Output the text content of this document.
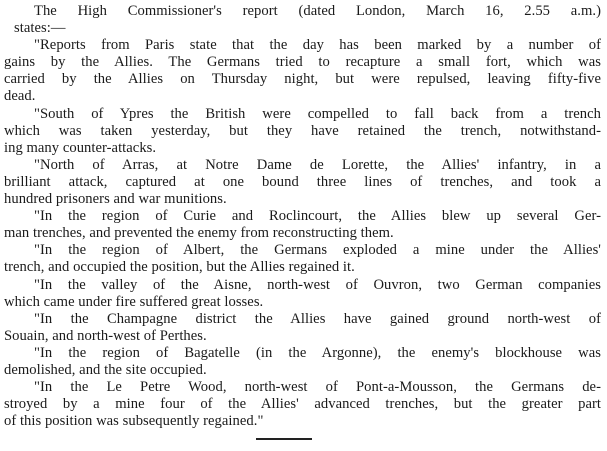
The High Commissioner's report (dated London, March 16, 2.55 a.m.)
states:—
"Reports from Paris state that the day has been marked by a number of
gains by the Allies. The Germans tried to recapture a small fort, which was
carried by the Allies on Thursday night, but were repulsed, leaving fifty-five
dead.
"South of Ypres the British were compelled to fall back from a trench
which was taken yesterday, but they have retained the trench, notwithstand-
ing many counter-attacks.
"North of Arras, at Notre Dame de Lorette, the Allies' infantry, in a
brilliant attack, captured at one bound three lines of trenches, and took a
hundred prisoners and war munitions.
"In the region of Curie and Roclincourt, the Allies blew up several Ger-
man trenches, and prevented the enemy from reconstructing them.
"In the region of Albert, the Germans exploded a mine under the Allies'
trench, and occupied the position, but the Allies regained it.
"In the valley of the Aisne, north-west of Ouvron, two German companies
which came under fire suffered great losses.
"In the Champagne district the Allies have gained ground north-west of
Souain, and north-west of Perthes.
"In the region of Bagatelle (in the Argonne), the enemy's blockhouse was
demolished, and the site occupied.
"In the Le Petre Wood, north-west of Pont-a-Mousson, the Germans de-
stroyed by a mine four of the Allies' advanced trenches, but the greater part
of this position was subsequently regained."
